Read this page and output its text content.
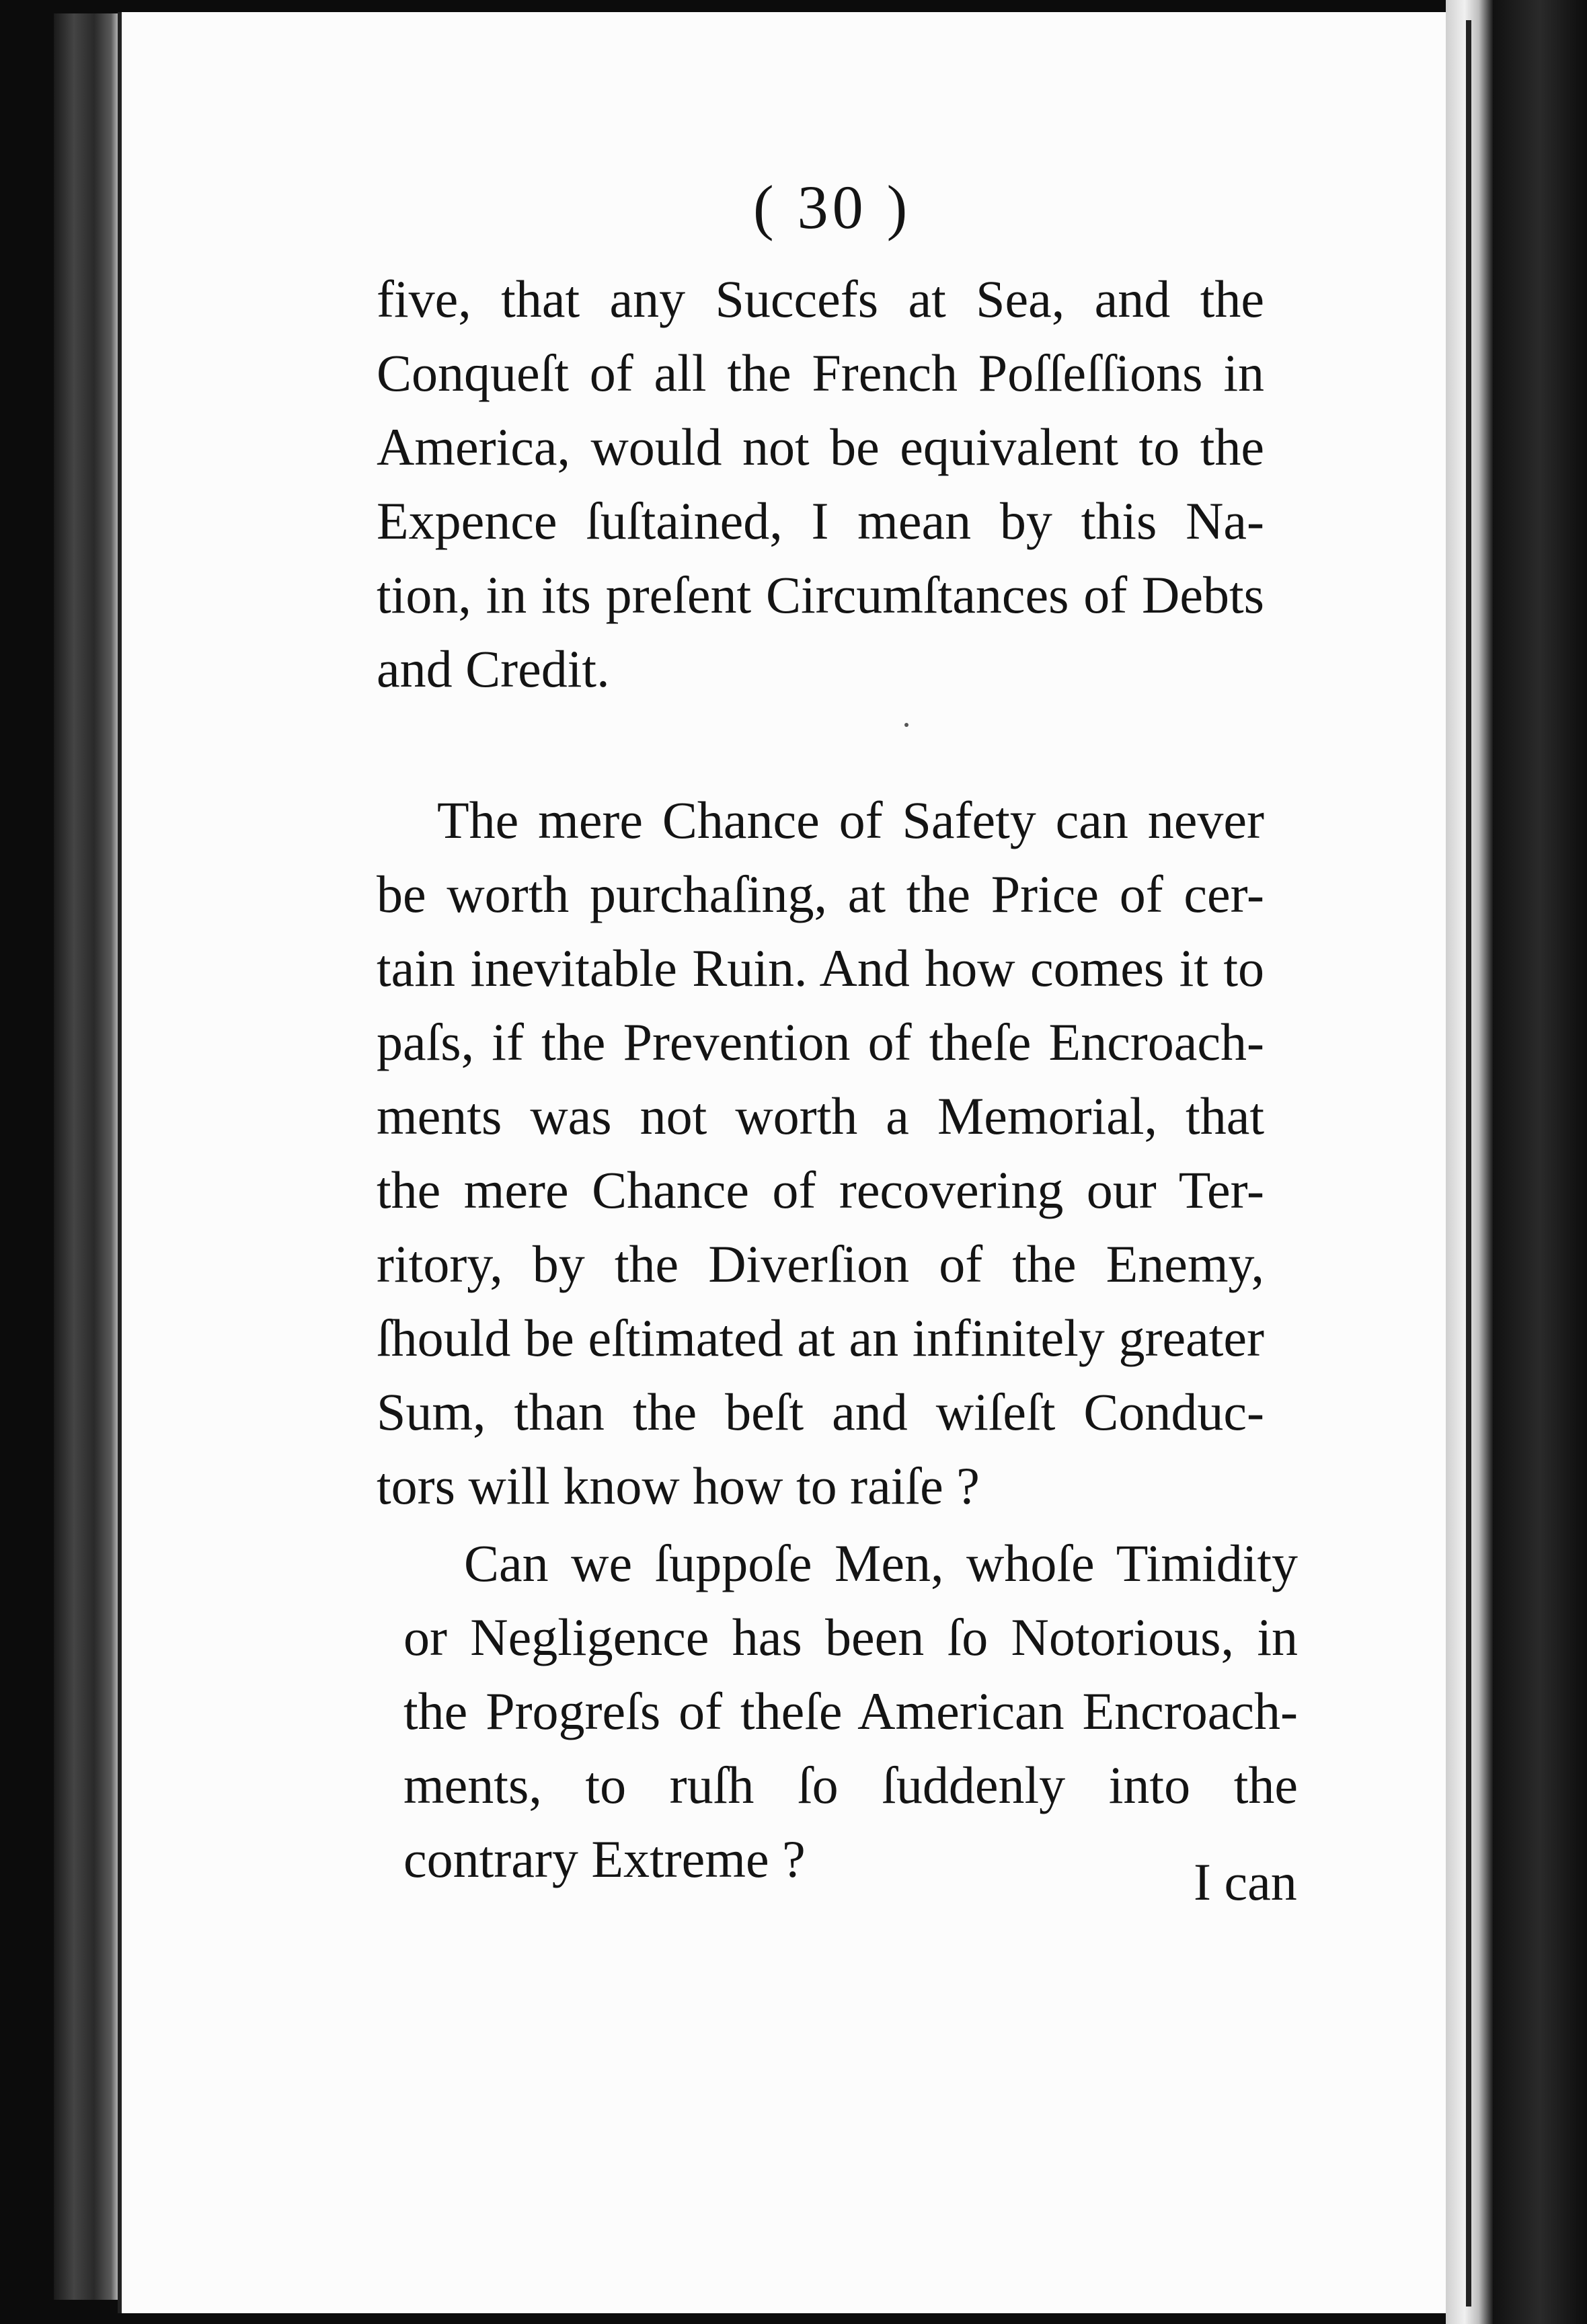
( 30 )
five, that any Succefs at Sea, and the
Conqueſt of all the French Poſſeſſions in
America, would not be equivalent to the
Expence ſuſtained, I mean by this Na-
tion, in its preſent Circumſtances of Debts
and Credit.
The mere Chance of Safety can never
be worth purchaſing, at the Price of cer-
tain inevitable Ruin. And how comes it to
paſs, if the Prevention of theſe Encroach-
ments was not worth a Memorial, that
the mere Chance of recovering our Ter-
ritory, by the Diverſion of the Enemy,
ſhould be eſtimated at an infinitely greater
Sum, than the beſt and wiſeſt Conduc-
tors will know how to raiſe ?
Can we ſuppoſe Men, whoſe Timidity
or Negligence has been ſo Notorious, in
the Progreſs of theſe American Encroach-
ments, to ruſh ſo ſuddenly into the
contrary Extreme ?	I can
